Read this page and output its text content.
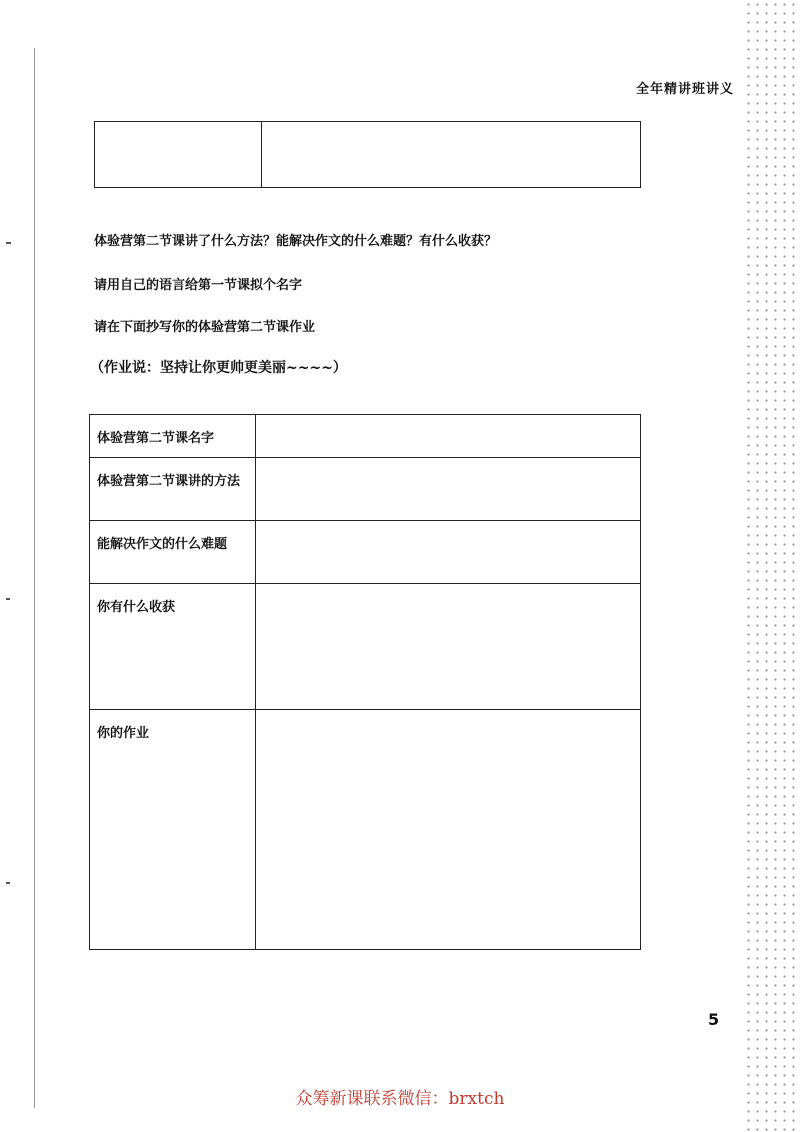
全年精讲班讲义
体验营第二节课讲了什么方法？能解决作文的什么难题？有什么收获？
请用自己的语言给第一节课拟个名字
请在下面抄写你的体验营第二节课作业
（作业说：坚持让你更帅更美丽~~~~）
体验营第二节课名字	
体验营第二节课讲的方法	
能解决作文的什么难题	
你有什么收获	
你的作业	
5
众筹新课联系微信：brxtch
